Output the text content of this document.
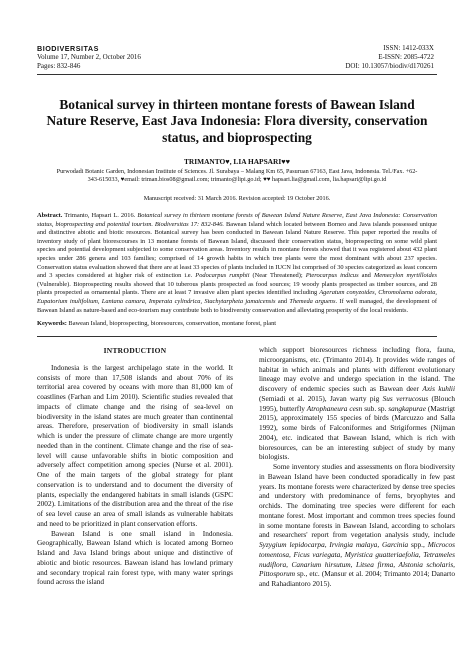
BIODIVERSITAS
Volume 17, Number 2, October 2016
Pages: 832-846
ISSN: 1412-033X
E-ISSN: 2085-4722
DOI: 10.13057/biodiv/d170261
Botanical survey in thirteen montane forests of Bawean Island Nature Reserve, East Java Indonesia: Flora diversity, conservation status, and bioprospecting
TRIMANTO♥, LIA HAPSARI♥♥
Purwodadi Botanic Garden, Indonesian Institute of Sciences. Jl. Surabaya – Malang Km 65, Pasuruan 67163, East Java, Indonesia. Tel./Fax. +62-343-615033, ♥email: triman.bios08@gmail.com; trimanto@lipi.go.id; ♥♥ hapsari.lia@gmail.com, lia.hapsari@lipi.go.id
Manuscript received: 31 March 2016. Revision accepted: 19 October 2016.

Abstract. Trimanto, Hapsari L. 2016. Botanical survey in thirteen montane forests of Bawean Island Nature Reserve, East Java Indonesia: Conservation status, bioprospecting and potential tourism. Biodiversitas 17: 832-846. Bawean Island which located between Borneo and Java islands possessed unique and distinctive abiotic and biotic resources. Botanical survey has been conducted in Bawean Island Nature Reserve. This paper reported the results of inventory study of plant biorescourses in 13 montane forests of Bawean Island, discussed their conservation status, bioprospecting on some wild plant species and potential development subjected to some conservation areas. Inventory results in montane forests showed that it was registered about 432 plant species under 286 genera and 103 families; comprised of 14 growth habits in which tree plants were the most dominant with about 237 species. Conservation status evaluation showed that there are at least 33 species of plants included in IUCN list comprised of 30 species categorized as least concern and 3 species considered at higher risk of extinction i.e. Podocarpus rumphii (Near Threatened); Pterocarpus indicus and Memecylon myrtilloides (Vulnerable). Bioprospecting results showed that 10 tuberous plants prospected as food sources; 19 woody plants prospected as timber sources, and 28 plants prospected as ornamental plants. There are at least 7 invasive alien plant species identified including Ageratum conyzoides, Chromolaena odorata, Eupatorium inulifolium, Lantana camara, Imperata cylindrica, Stachytarpheta jamaicensis and Themeda arguens. If well managed, the development of Bawean Island as nature-based and eco-tourism may contribute both to biodiversity conservation and alleviating prosperity of the local residents.

Keywords: Bawean Island, bioprospecting, bioresources, conservation, montane forest, plant

INTRODUCTION

Indonesia is the largest archipelago state in the world. It consists of more than 17,508 islands and about 70% of its territorial area covered by oceans with more than 81,000 km of coastlines (Farhan and Lim 2010). Scientific studies revealed that impacts of climate change and the rising of sea-level on biodiversity in the island states are much greater than continental areas. Therefore, preservation of biodiversity in small islands which is under the pressure of climate change are more urgently needed than in the continent. Climate change and the rise of sea-level will cause unfavorable shifts in biotic composition and adversely affect competition among species (Nurse et al. 2001). One of the main targets of the global strategy for plant conservation is to understand and to document the diversity of plants, especially the endangered habitats in small islands (GSPC 2002). Limitations of the distribution area and the threat of the rise of sea level cause an area of small islands as vulnerable habitats and need to be prioritized in plant conservation efforts.

Bawean Island is one small island in Indonesia. Geographically, Bawean Island which is located among Borneo Island and Java Island brings about unique and distinctive of abiotic and biotic resources. Bawean island has lowland primary and secondary tropical rain forest type, with many water springs found across the island

which support bioresources richness including flora, fauna, microorganisms, etc. (Trimanto 2014). It provides wide ranges of habitat in which animals and plants with different evolutionary lineage may evolve and undergo speciation in the island. The discovery of endemic species such as Bawean deer Axis kuhlii (Semiadi et al. 2015), Javan warty pig Sus verrucosus (Blouch 1995), butterfly Atrophaneura cesn sub. sp. sangkapurae (Mastrigt 2015), approximately 155 species of birds (Marcuzzo and Salla 1992), some birds of Falconiformes and Strigiformes (Nijman 2004), etc. indicated that Bawean Island, which is rich with bioresources, can be an interesting subject of study by many biologists.

Some inventory studies and assessments on flora biodiversity in Bawean Island have been conducted sporadically in few past years. Its montane forests were characterized by dense tree species and understory with predominance of ferns, bryophytes and orchids. The dominating tree species were different for each montane forest. Most important and common trees species found in some montane forests in Bawean Island, according to scholars and researchers' report from vegetation analysis study, include Syzygium lepidocarpa, Irvingia malaya, Garcinia spp., Microcos tomentosa, Ficus variegata, Myristica guatteriaefolia, Tetrameles nudiflora, Canarium hirsutum, Litsea firma, Alstonia scholaris, Pittosporum sp., etc. (Mansur et al. 2004; Trimanto 2014; Danarto and Rahadiantoro 2015).
